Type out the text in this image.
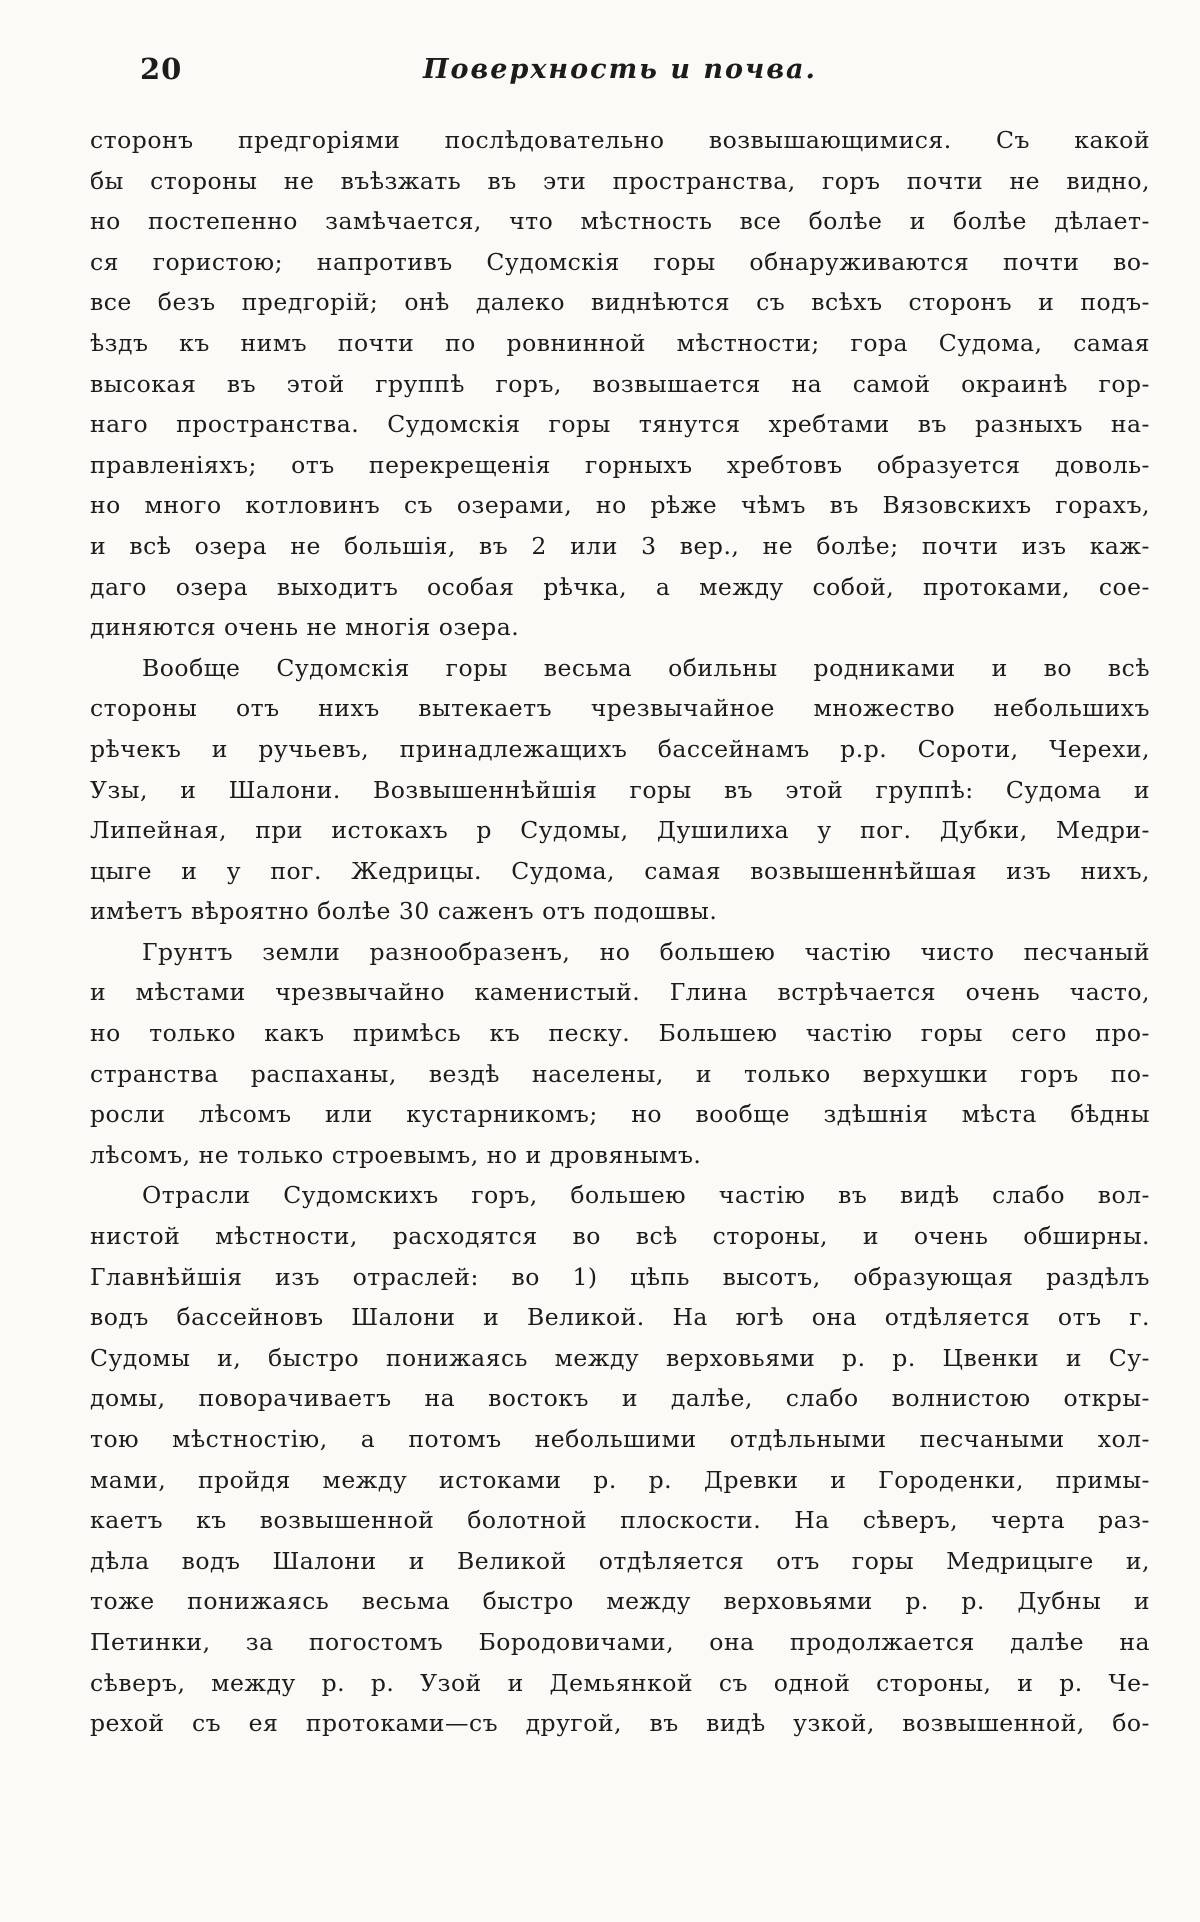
20	Поверхность и почва.
сторонъ предгоріями послѣдовательно возвышающимися. Съ какой
бы стороны не въѣзжать въ эти пространства, горъ почти не видно,
но постепенно замѣчается, что мѣстность все болѣе и болѣе дѣлает-
ся гористою; напротивъ Судомскія горы обнаруживаются почти во-
все безъ предгорій; онѣ далеко виднѣются съ всѣхъ сторонъ и подъ-
ѣздъ къ нимъ почти по ровнинной мѣстности; гора Судома, самая
высокая въ этой группѣ горъ, возвышается на самой окраинѣ гор-
наго пространства. Судомскія горы тянутся хребтами въ разныхъ на-
правленіяхъ; отъ перекрещенія горныхъ хребтовъ образуется доволь-
но много котловинъ съ озерами, но рѣже чѣмъ въ Вязовскихъ горахъ,
и всѣ озера не большія, въ 2 или 3 вер., не болѣе; почти изъ каж-
даго озера выходитъ особая рѣчка, а между собой, протоками, сое-
диняются очень не многія озера.
Вообще Судомскія горы весьма обильны родниками и во всѣ
стороны отъ нихъ вытекаетъ чрезвычайное множество небольшихъ
рѣчекъ и ручьевъ, принадлежащихъ бассейнамъ р.р. Сороти, Черехи,
Узы, и Шалони. Возвышеннѣйшія горы въ этой группѣ: Судома и
Липейная, при истокахъ р Судомы, Душилиха у пог. Дубки, Медри-
цыге и у пог. Жедрицы. Судома, самая возвышеннѣйшая изъ нихъ,
имѣетъ вѣроятно болѣе 30 саженъ отъ подошвы.
Грунтъ земли разнообразенъ, но большею частію чисто песчаный
и мѣстами чрезвычайно каменистый. Глина встрѣчается очень часто,
но только какъ примѣсь къ песку. Большею частію горы сего про-
странства распаханы, вездѣ населены, и только верхушки горъ по-
росли лѣсомъ или кустарникомъ; но вообще здѣшнія мѣста бѣдны
лѣсомъ, не только строевымъ, но и дровянымъ.
Отрасли Судомскихъ горъ, большею частію въ видѣ слабо вол-
нистой мѣстности, расходятся во всѣ стороны, и очень обширны.
Главнѣйшія изъ отраслей: во 1) цѣпь высотъ, образующая раздѣлъ
водъ бассейновъ Шалони и Великой. На югѣ она отдѣляется отъ г.
Судомы и, быстро понижаясь между верховьями р. р. Цвенки и Су-
домы, поворачиваетъ на востокъ и далѣе, слабо волнистою откры-
тою мѣстностію, а потомъ небольшими отдѣльными песчаными хол-
мами, пройдя между истоками р. р. Древки и Городенки, примы-
каетъ къ возвышенной болотной плоскости. На сѣверъ, черта раз-
дѣла водъ Шалони и Великой отдѣляется отъ горы Медрицыге и,
тоже понижаясь весьма быстро между верховьями р. р. Дубны и
Петинки, за погостомъ Бородовичами, она продолжается далѣе на
сѣверъ, между р. р. Узой и Демьянкой съ одной стороны, и р. Че-
рехой съ ея протоками—съ другой, въ видѣ узкой, возвышенной, бо-
